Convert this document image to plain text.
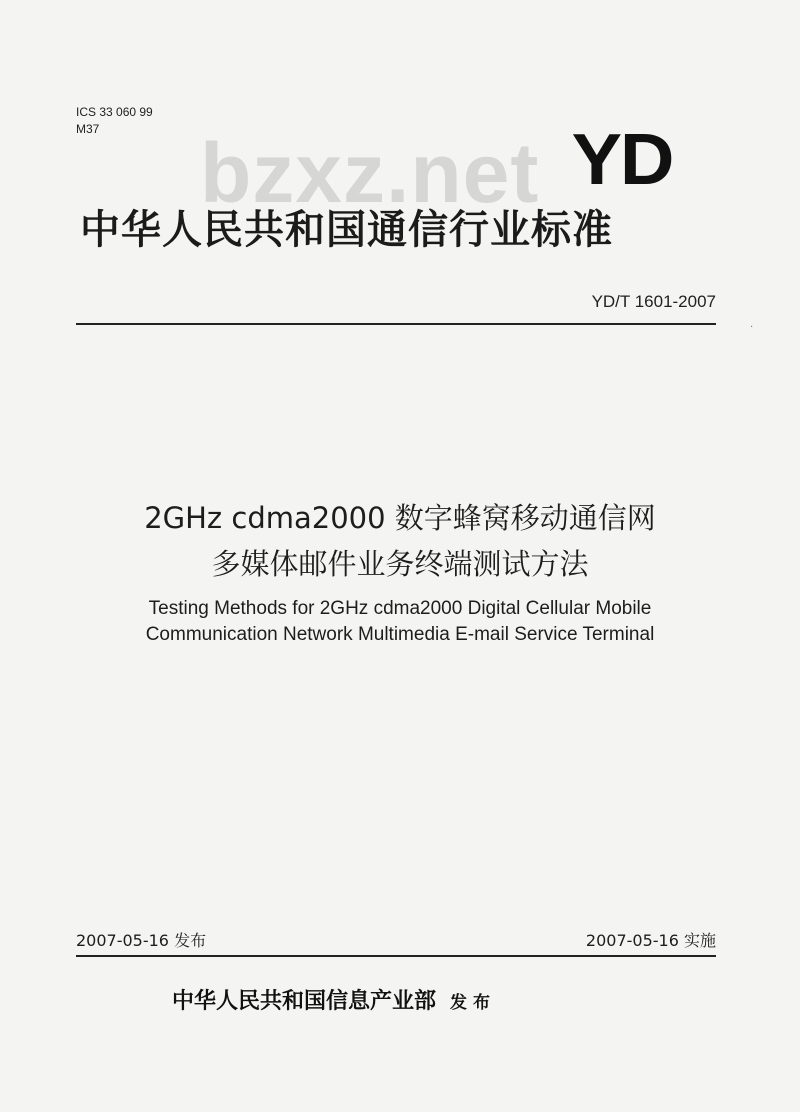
ICS 33 060 99
M37	bzxz.net YD
中华人民共和国通信行业标准
YD/T 1601-2007
·
2GHz cdma2000 数字蜂窝移动通信网
多媒体邮件业务终端测试方法
Testing Methods for 2GHz cdma2000 Digital Cellular Mobile
Communication Network Multimedia E-mail Service Terminal
2007-05-16 发布	2007-05-16 实施
中华人民共和国信息产业部 发布
